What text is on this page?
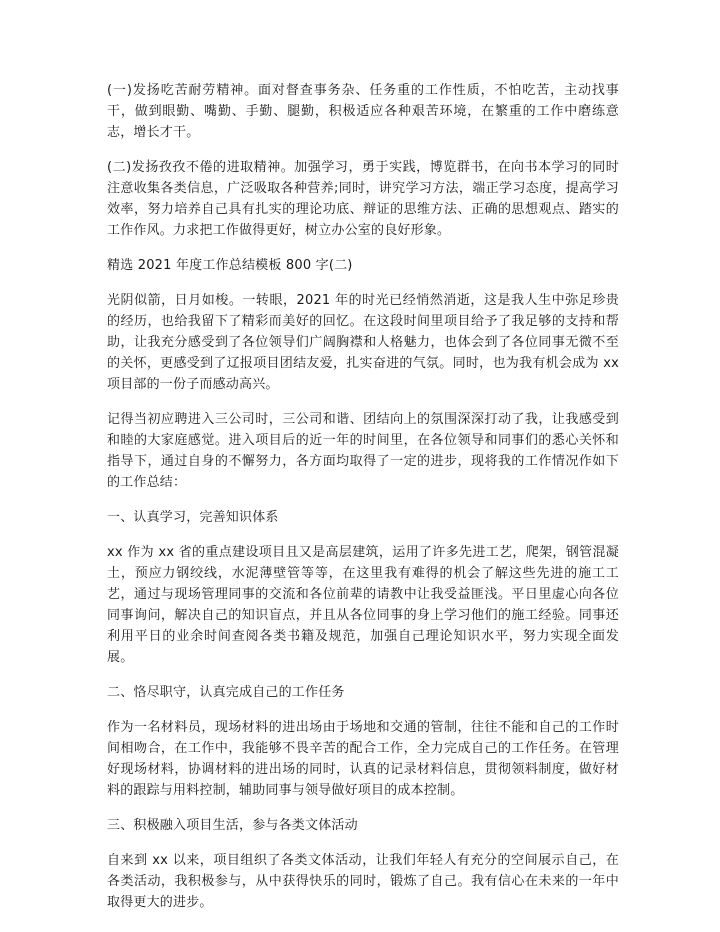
(一)发扬吃苦耐劳精神。面对督查事务杂、任务重的工作性质，不怕吃苦，主动找事干，做到眼勤、嘴勤、手勤、腿勤，积极适应各种艰苦环境，在繁重的工作中磨练意志，增长才干。

(二)发扬孜孜不倦的进取精神。加强学习，勇于实践，博览群书，在向书本学习的同时注意收集各类信息，广泛吸取各种营养;同时，讲究学习方法，端正学习态度，提高学习效率，努力培养自己具有扎实的理论功底、辩证的思维方法、正确的思想观点、踏实的工作作风。力求把工作做得更好，树立办公室的良好形象。

精选 2021 年度工作总结模板 800 字(二)

光阴似箭，日月如梭。一转眼，2021 年的时光已经悄然消逝，这是我人生中弥足珍贵的经历，也给我留下了精彩而美好的回忆。在这段时间里项目给予了我足够的支持和帮助，让我充分感受到了各位领导们广阔胸襟和人格魅力，也体会到了各位同事无微不至的关怀，更感受到了辽报项目团结友爱，扎实奋进的气氛。同时，也为我有机会成为 xx 项目部的一份子而感动高兴。

记得当初应聘进入三公司时，三公司和谐、团结向上的氛围深深打动了我，让我感受到和睦的大家庭感觉。进入项目后的近一年的时间里，在各位领导和同事们的悉心关怀和指导下，通过自身的不懈努力，各方面均取得了一定的进步，现将我的工作情况作如下的工作总结：

一、认真学习，完善知识体系

xx 作为 xx 省的重点建设项目且又是高层建筑，运用了许多先进工艺，爬架，钢管混凝土，预应力钢绞线，水泥薄壁管等等，在这里我有难得的机会了解这些先进的施工工艺，通过与现场管理同事的交流和各位前辈的请教中让我受益匪浅。平日里虚心向各位同事询问，解决自己的知识盲点，并且从各位同事的身上学习他们的施工经验。同事还利用平日的业余时间查阅各类书籍及规范，加强自己理论知识水平，努力实现全面发展。

二、恪尽职守，认真完成自己的工作任务

作为一名材料员，现场材料的进出场由于场地和交通的管制，往往不能和自己的工作时间相吻合，在工作中，我能够不畏辛苦的配合工作，全力完成自己的工作任务。在管理好现场材料，协调材料的进出场的同时，认真的记录材料信息，贯彻领料制度，做好材料的跟踪与用料控制，辅助同事与领导做好项目的成本控制。

三、积极融入项目生活，参与各类文体活动

自来到 xx 以来，项目组织了各类文体活动，让我们年轻人有充分的空间展示自己，在各类活动，我积极参与，从中获得快乐的同时，锻炼了自己。我有信心在未来的一年中取得更大的进步。
